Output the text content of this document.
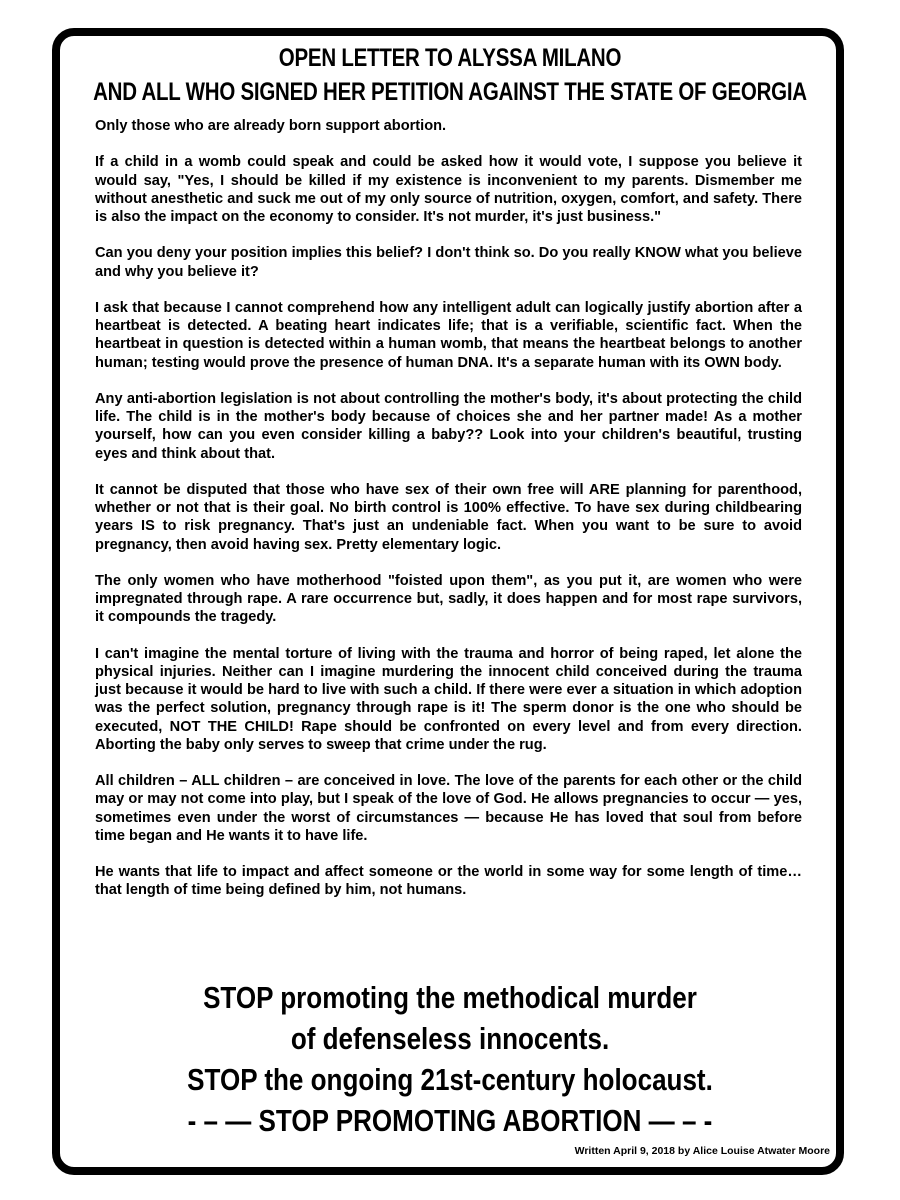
OPEN LETTER TO ALYSSA MILANO
AND ALL WHO SIGNED HER PETITION AGAINST THE STATE OF GEORGIA

Only those who are already born support abortion.

If a child in a womb could speak and could be asked how it would vote, I suppose you believe it would say, "Yes, I should be killed if my existence is inconvenient to my parents. Dismember me without anesthetic and suck me out of my only source of nutrition, oxygen, comfort, and safety. There is also the impact on the economy to consider. It's not murder, it's just business."

Can you deny your position implies this belief? I don't think so. Do you really KNOW what you believe and why you believe it?

I ask that because I cannot comprehend how any intelligent adult can logically justify abortion after a heartbeat is detected. A beating heart indicates life; that is a verifiable, scientific fact. When the heartbeat in question is detected within a human womb, that means the heartbeat belongs to another human; testing would prove the presence of human DNA. It's a separate human with its OWN body.

Any anti-abortion legislation is not about controlling the mother's body, it's about protecting the child life. The child is in the mother's body because of choices she and her partner made! As a mother yourself, how can you even consider killing a baby?? Look into your children's beautiful, trusting eyes and think about that.

It cannot be disputed that those who have sex of their own free will ARE planning for parenthood, whether or not that is their goal. No birth control is 100% effective. To have sex during childbearing years IS to risk pregnancy. That's just an undeniable fact. When you want to be sure to avoid pregnancy, then avoid having sex. Pretty elementary logic.

The only women who have motherhood "foisted upon them", as you put it, are women who were impregnated through rape. A rare occurrence but, sadly, it does happen and for most rape survivors, it compounds the tragedy.

I can't imagine the mental torture of living with the trauma and horror of being raped, let alone the physical injuries. Neither can I imagine murdering the innocent child conceived during the trauma just because it would be hard to live with such a child. If there were ever a situation in which adoption was the perfect solution, pregnancy through rape is it! The sperm donor is the one who should be executed, NOT THE CHILD! Rape should be confronted on every level and from every direction. Aborting the baby only serves to sweep that crime under the rug.

All children – ALL children – are conceived in love. The love of the parents for each other or the child may or may not come into play, but I speak of the love of God. He allows pregnancies to occur — yes, sometimes even under the worst of circumstances — because He has loved that soul from before time began and He wants it to have life.

He wants that life to impact and affect someone or the world in some way for some length of time… that length of time being defined by him, not humans.

STOP promoting the methodical murder
of defenseless innocents.
STOP the ongoing 21st-century holocaust.
- – — STOP PROMOTING ABORTION — – -
Written April 9, 2018 by Alice Louise Atwater Moore
